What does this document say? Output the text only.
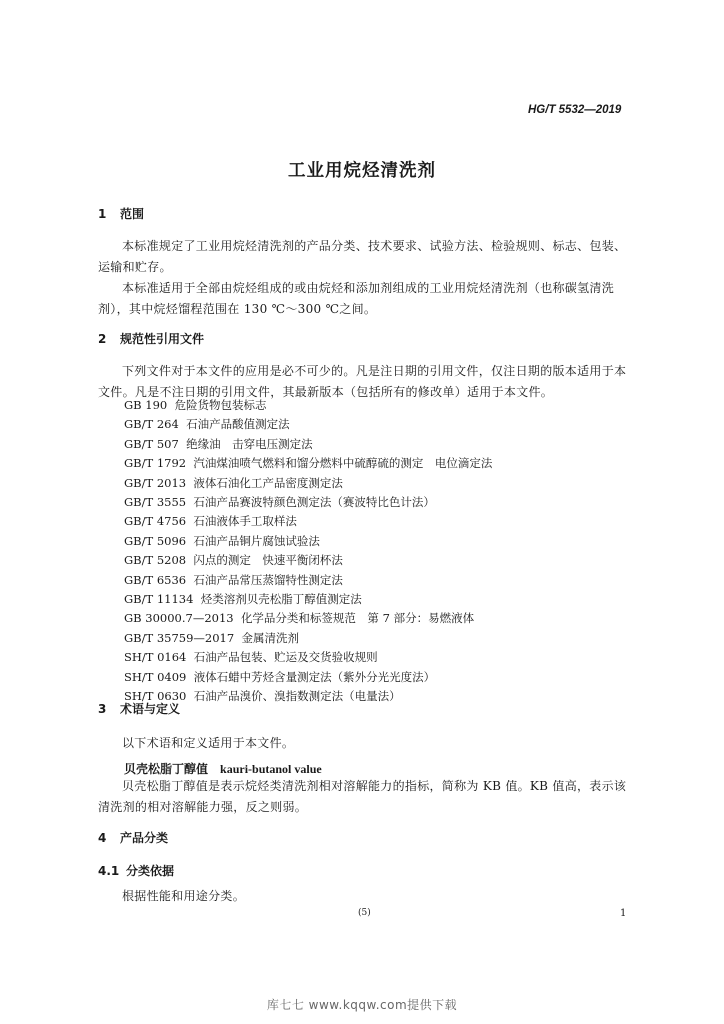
HG/T 5532—2019
工业用烷烃清洗剂
1 范围
本标准规定了工业用烷烃清洗剂的产品分类、技术要求、试验方法、检验规则、标志、包装、运输和贮存。
本标准适用于全部由烷烃组成的或由烷烃和添加剂组成的工业用烷烃清洗剂（也称碳氢清洗剂），其中烷烃馏程范围在 130 ℃～300 ℃之间。
2 规范性引用文件
下列文件对于本文件的应用是必不可少的。凡是注日期的引用文件，仅注日期的版本适用于本文件。凡是不注日期的引用文件，其最新版本（包括所有的修改单）适用于本文件。
GB 190 危险货物包装标志
GB/T 264 石油产品酸值测定法
GB/T 507 绝缘油　击穿电压测定法
GB/T 1792 汽油煤油喷气燃料和馏分燃料中硫醇硫的测定　电位滴定法
GB/T 2013 液体石油化工产品密度测定法
GB/T 3555 石油产品赛波特颜色测定法（赛波特比色计法）
GB/T 4756 石油液体手工取样法
GB/T 5096 石油产品铜片腐蚀试验法
GB/T 5208 闪点的测定　快速平衡闭杯法
GB/T 6536 石油产品常压蒸馏特性测定法
GB/T 11134 烃类溶剂贝壳松脂丁醇值测定法
GB 30000.7—2013 化学品分类和标签规范　第 7 部分：易燃液体
GB/T 35759—2017 金属清洗剂
SH/T 0164 石油产品包装、贮运及交货验收规则
SH/T 0409 液体石蜡中芳烃含量测定法（紫外分光光度法）
SH/T 0630 石油产品溴价、溴指数测定法（电量法）
3 术语与定义
以下术语和定义适用于本文件。
贝壳松脂丁醇值 kauri-butanol value
贝壳松脂丁醇值是表示烷烃类清洗剂相对溶解能力的指标，简称为 KB 值。KB 值高，表示该清洗剂的相对溶解能力强，反之则弱。
4 产品分类
4.1 分类依据
根据性能和用途分类。
(5)	1
库七七 www.kqqw.com提供下载
